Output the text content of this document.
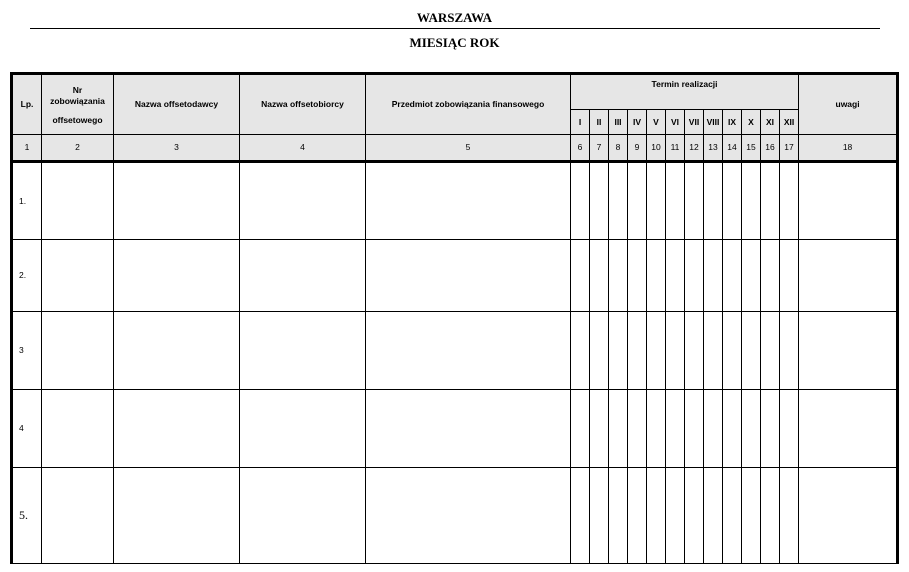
WARSZAWA
MIESIĄC ROK
Lp.	Nr
zobowiązania
offsetowego	Nazwa offsetodawcy	Nazwa offsetobiorcy	Przedmiot zobowiązania finansowego	Termin realizacji												uwagi
					I	II	III	IV	V	VI	VII	VIII	IX	X	XI	XII	
1	2	3	4	5	6	7	8	9	10	11	12	13	14	15	16	17	18
1.																	
2.																	
3																	
4																	
5.																	
